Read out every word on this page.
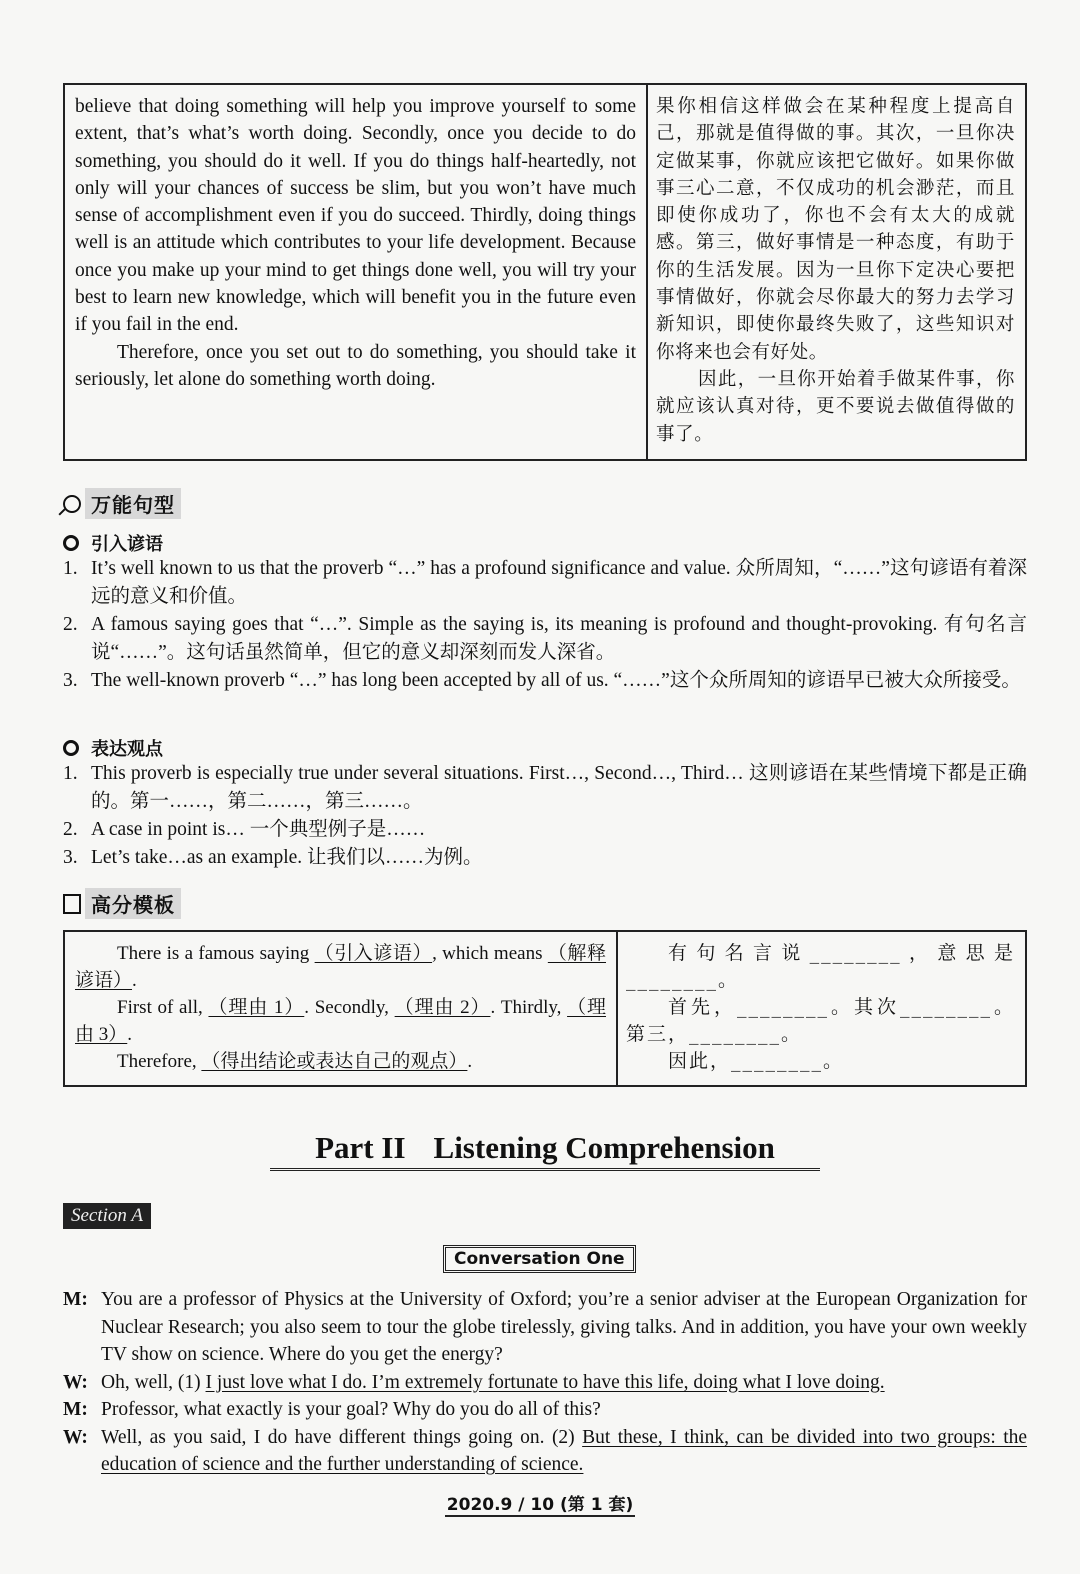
believe that doing something will help you improve yourself to some extent, that’s what’s worth doing. Secondly, once you decide to do something, you should do it well. If you do things half-heartedly, not only will your chances of success be slim, but you won’t have much sense of accomplishment even if you do succeed. Thirdly, doing things well is an attitude which contributes to your life development. Because once you make up your mind to get things done well, you will try your best to learn new knowledge, which will benefit you in the future even if you fail in the end.

Therefore, once you set out to do something, you should take it seriously, let alone do something worth doing.

果你相信这样做会在某种程度上提高自己，那就是值得做的事。其次，一旦你决定做某事，你就应该把它做好。如果你做事三心二意，不仅成功的机会渺茫，而且即使你成功了，你也不会有太大的成就感。第三，做好事情是一种态度，有助于你的生活发展。因为一旦你下定决心要把事情做好，你就会尽你最大的努力去学习新知识，即使你最终失败了，这些知识对你将来也会有好处。

因此，一旦你开始着手做某件事，你就应该认真对待，更不要说去做值得做的事了。

万能句型
引入谚语
1. It’s well known to us that the proverb “…” has a profound significance and value. 众所周知，“……”这句谚语有着深远的意义和价值。
2. A famous saying goes that “…”. Simple as the saying is, its meaning is profound and thought-provoking. 有句名言说“……”。这句话虽然简单，但它的意义却深刻而发人深省。
3. The well-known proverb “…” has long been accepted by all of us. “……”这个众所周知的谚语早已被大众所接受。
表达观点
1. This proverb is especially true under several situations. First…, Second…, Third… 这则谚语在某些情境下都是正确的。第一……，第二……，第三……。
2. A case in point is… 一个典型例子是……
3. Let’s take…as an example. 让我们以……为例。
高分模板

There is a famous saying （引入谚语）, which means （解释谚语）.

First of all, （理由 1）. Secondly, （理由 2）. Thirdly, （理由 3）.

Therefore, （得出结论或表达自己的观点）.

有句名言说________，意思是________。

首先，________。其次________。第三，________。

因此，________。

Part II Listening Comprehension
Section A
Conversation One
M: You are a professor of Physics at the University of Oxford; you’re a senior adviser at the European Organization for Nuclear Research; you also seem to tour the globe tirelessly, giving talks. And in addition, you have your own weekly TV show on science. Where do you get the energy?
W: Oh, well, (1) I just love what I do. I’m extremely fortunate to have this life, doing what I love doing.
M: Professor, what exactly is your goal? Why do you do all of this?
W: Well, as you said, I do have different things going on. (2) But these, I think, can be divided into two groups: the education of science and the further understanding of science.
2020.9 / 10 (第 1 套)
